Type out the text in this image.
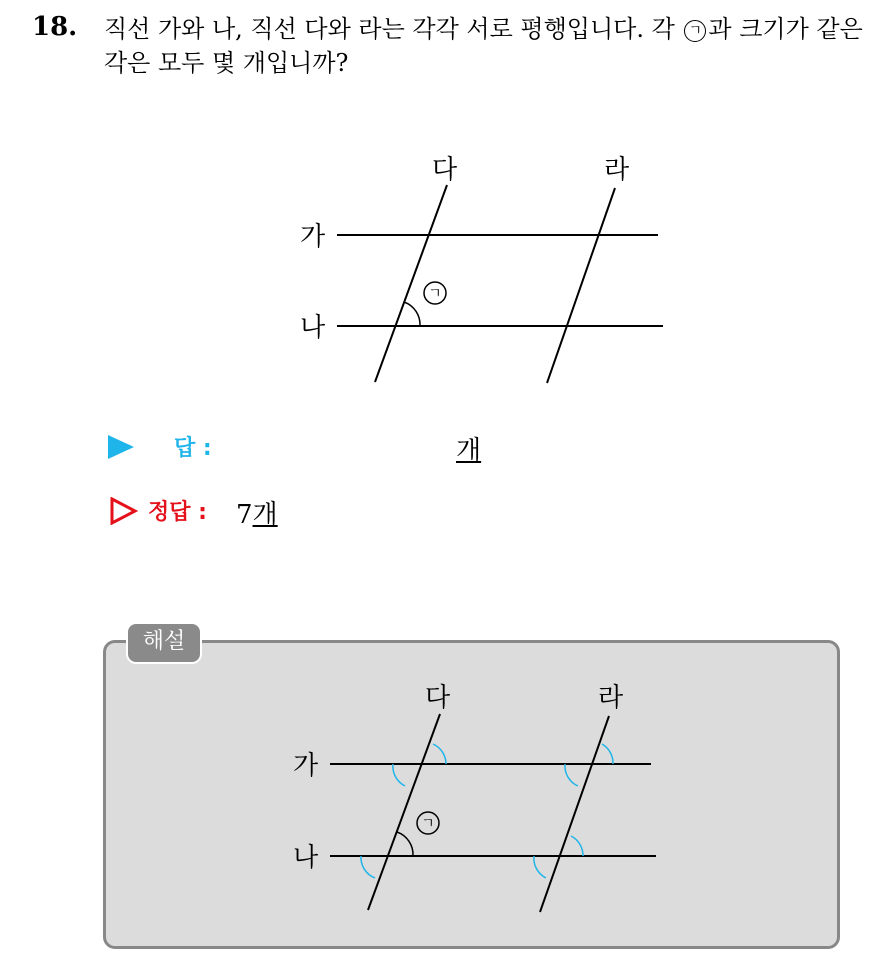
18. 직선 가와 나, 직선 다와 라는 각각 서로 평행입니다. 각 ㄱ 과 크기가 같은 각은 모두 몇 개입니까?
가
나
다	라
ㄱ
답 :	개
정답 : 7개
해설
가
나
다	라
ㄱ
